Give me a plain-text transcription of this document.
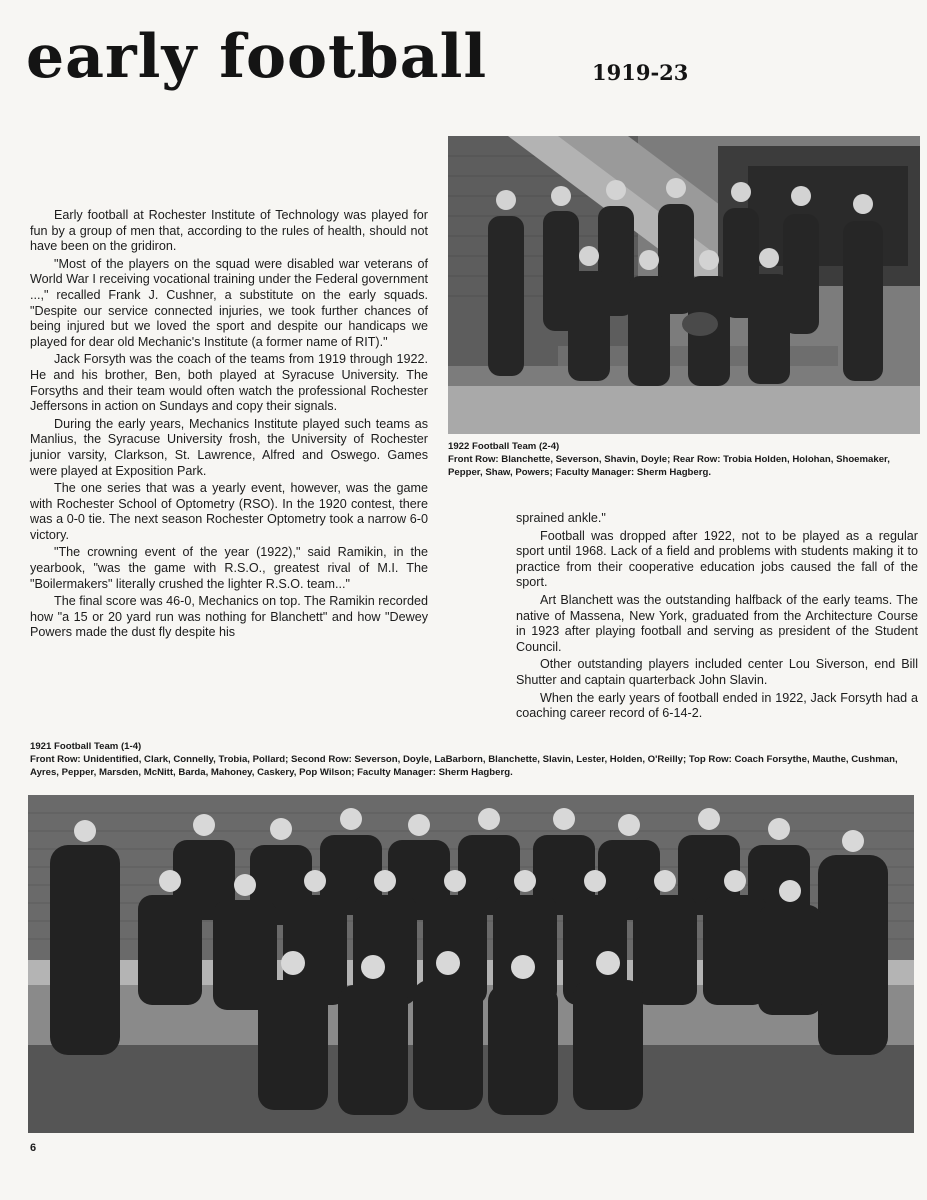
early football	1919-23
1922 Football Team (2-4)
Front Row: Blanchette, Severson, Shavin, Doyle; Rear Row: Trobia Holden, Holohan, Shoemaker, Pepper, Shaw, Powers; Faculty Manager: Sherm Hagberg.

Early football at Rochester Institute of Technology was played for fun by a group of men that, according to the rules of health, should not have been on the gridiron.

"Most of the players on the squad were disabled war veterans of World War I receiving vocational training under the Federal government ...," recalled Frank J. Cushner, a substitute on the early squads. "Despite our service connected injuries, we took further chances of being injured but we loved the sport and despite our handicaps we played for dear old Mechanic's Institute (a former name of RIT)."

Jack Forsyth was the coach of the teams from 1919 through 1922. He and his brother, Ben, both played at Syracuse University. The Forsyths and their team would often watch the professional Rochester Jeffersons in action on Sundays and copy their signals.

During the early years, Mechanics Institute played such teams as Manlius, the Syracuse University frosh, the University of Rochester junior varsity, Clarkson, St. Lawrence, Alfred and Oswego. Games were played at Exposition Park.

The one series that was a yearly event, however, was the game with Rochester School of Optometry (RSO). In the 1920 contest, there was a 0-0 tie. The next season Rochester Optometry took a narrow 6-0 victory.

"The crowning event of the year (1922)," said Ramikin, in the yearbook, "was the game with R.S.O., greatest rival of M.I. The "Boilermakers" literally crushed the lighter R.S.O. team..."

The final score was 46-0, Mechanics on top. The Ramikin recorded how "a 15 or 20 yard run was nothing for Blanchett" and how "Dewey Powers made the dust fly despite his

sprained ankle."

Football was dropped after 1922, not to be played as a regular sport until 1968. Lack of a field and problems with students making it to practice from their cooperative education jobs caused the fall of the sport.

Art Blanchett was the outstanding halfback of the early teams. The native of Massena, New York, graduated from the Architecture Course in 1923 after playing football and serving as president of the Student Council.

Other outstanding players included center Lou Siverson, end Bill Shutter and captain quarterback John Slavin.

When the early years of football ended in 1922, Jack Forsyth had a coaching career record of 6-14-2.

1921 Football Team (1-4)
Front Row: Unidentified, Clark, Connelly, Trobia, Pollard; Second Row: Severson, Doyle, LaBarborn, Blanchette, Slavin, Lester, Holden, O'Reilly; Top Row: Coach Forsythe, Mauthe, Cushman, Ayres, Pepper, Marsden, McNitt, Barda, Mahoney, Caskery, Pop Wilson; Faculty Manager: Sherm Hagberg.
6
